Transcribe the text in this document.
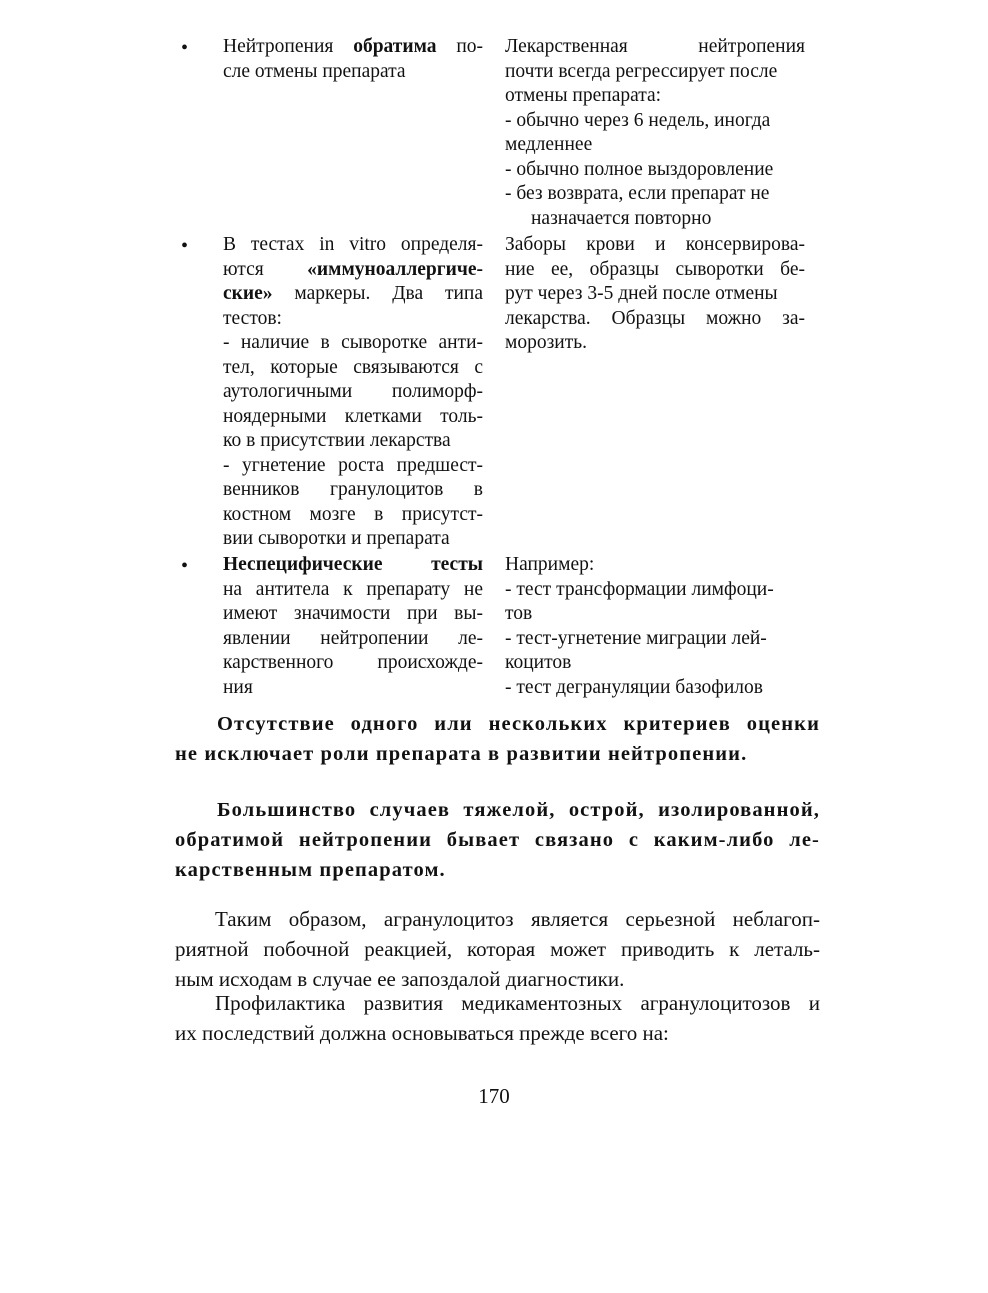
• Нейтропения обратима по-
сле отмены препарата
Лекарственная нейтропения
почти всегда регрессирует после
отмены препарата:
- обычно через 6 недель, иногда
медленнее
- обычно полное выздоровление
- без возврата, если препарат не
назначается повторно
• В тестах in vitro определя-
ются «иммуноаллергиче-
ские» маркеры. Два типа
тестов:
- наличие в сыворотке анти-
тел, которые связываются с
аутологичными полиморф-
ноядерными клетками толь-
ко в присутствии лекарства
- угнетение роста предшест-
венников гранулоцитов в
костном мозге в присутст-
вии сыворотки и препарата
Заборы крови и консервирова-
ние ее, образцы сыворотки бе-
рут через 3-5 дней после отмены
лекарства. Образцы можно за-
морозить.
• Неспецифические тесты
на антитела к препарату не
имеют значимости при вы-
явлении нейтропении ле-
карственного происхожде-
ния
Например:
- тест трансформации лимфоци-
тов
- тест-угнетение миграции лей-
коцитов
- тест дегрануляции базофилов
Отсутствие одного или нескольких критериев оценки
не исключает роли препарата в развитии нейтропении.
Большинство случаев тяжелой, острой, изолированной,
обратимой нейтропении бывает связано с каким-либо ле-
карственным препаратом.
Таким образом, агранулоцитоз является серьезной неблагоп-
риятной побочной реакцией, которая может приводить к леталь-
ным исходам в случае ее запоздалой диагностики.
Профилактика развития медикаментозных агранулоцитозов и
их последствий должна основываться прежде всего на:
170
